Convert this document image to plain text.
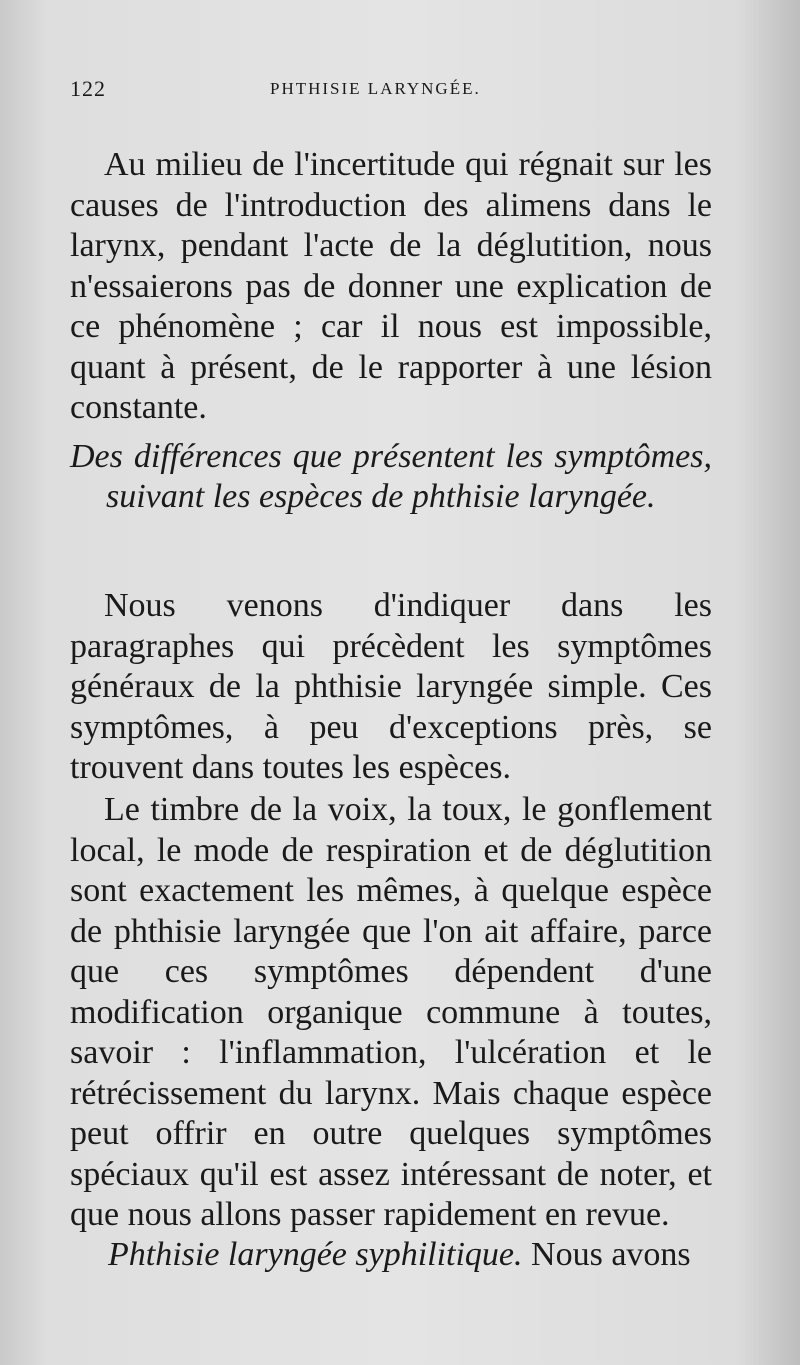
122	PHTHISIE LARYNGÉE.

Au milieu de l'incertitude qui régnait sur les causes de l'introduction des alimens dans le larynx, pendant l'acte de la déglutition, nous n'essaierons pas de donner une explication de ce phénomène ; car il nous est impossible, quant à présent, de le rapporter à une lésion constante.

Des différences que présentent les symptômes, suivant les espèces de phthisie laryngée.

Nous venons d'indiquer dans les paragraphes qui précèdent les symptômes généraux de la phthisie laryngée simple. Ces symptômes, à peu d'exceptions près, se trouvent dans toutes les espèces.

Le timbre de la voix, la toux, le gonflement local, le mode de respiration et de déglutition sont exactement les mêmes, à quelque espèce de phthisie laryngée que l'on ait affaire, parce que ces symptômes dépendent d'une modification organique commune à toutes, savoir : l'inflammation, l'ulcération et le rétrécissement du larynx. Mais chaque espèce peut offrir en outre quelques symptômes spéciaux qu'il est assez intéressant de noter, et que nous allons passer rapidement en revue.

Phthisie laryngée syphilitique. Nous avons
